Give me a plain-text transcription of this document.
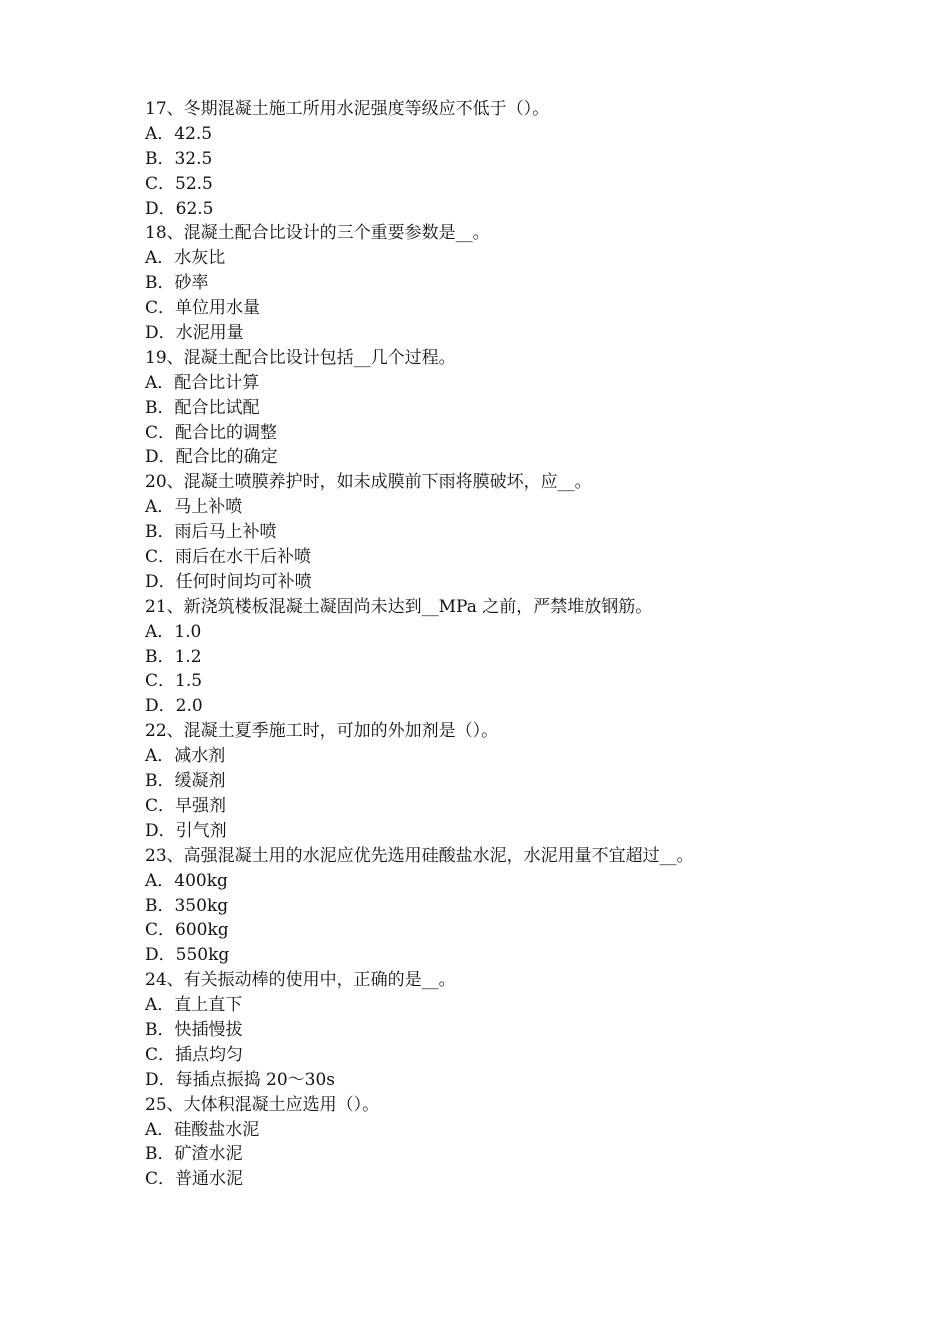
17、冬期混凝土施工所用水泥强度等级应不低于（）。
A．42.5
B．32.5
C．52.5
D．62.5
18、混凝土配合比设计的三个重要参数是__。
A．水灰比
B．砂率
C．单位用水量
D．水泥用量
19、混凝土配合比设计包括__几个过程。
A．配合比计算
B．配合比试配
C．配合比的调整
D．配合比的确定
20、混凝土喷膜养护时，如未成膜前下雨将膜破坏，应__。
A．马上补喷
B．雨后马上补喷
C．雨后在水干后补喷
D．任何时间均可补喷
21、新浇筑楼板混凝土凝固尚未达到__MPa 之前，严禁堆放钢筋。
A．1.0
B．1.2
C．1.5
D．2.0
22、混凝土夏季施工时，可加的外加剂是（）。
A．减水剂
B．缓凝剂
C．早强剂
D．引气剂
23、高强混凝土用的水泥应优先选用硅酸盐水泥，水泥用量不宜超过__。
A．400kg
B．350kg
C．600kg
D．550kg
24、有关振动棒的使用中，正确的是__。
A．直上直下
B．快插慢拔
C．插点均匀
D．每插点振捣 20～30s
25、大体积混凝土应选用（）。
A．硅酸盐水泥
B．矿渣水泥
C．普通水泥
